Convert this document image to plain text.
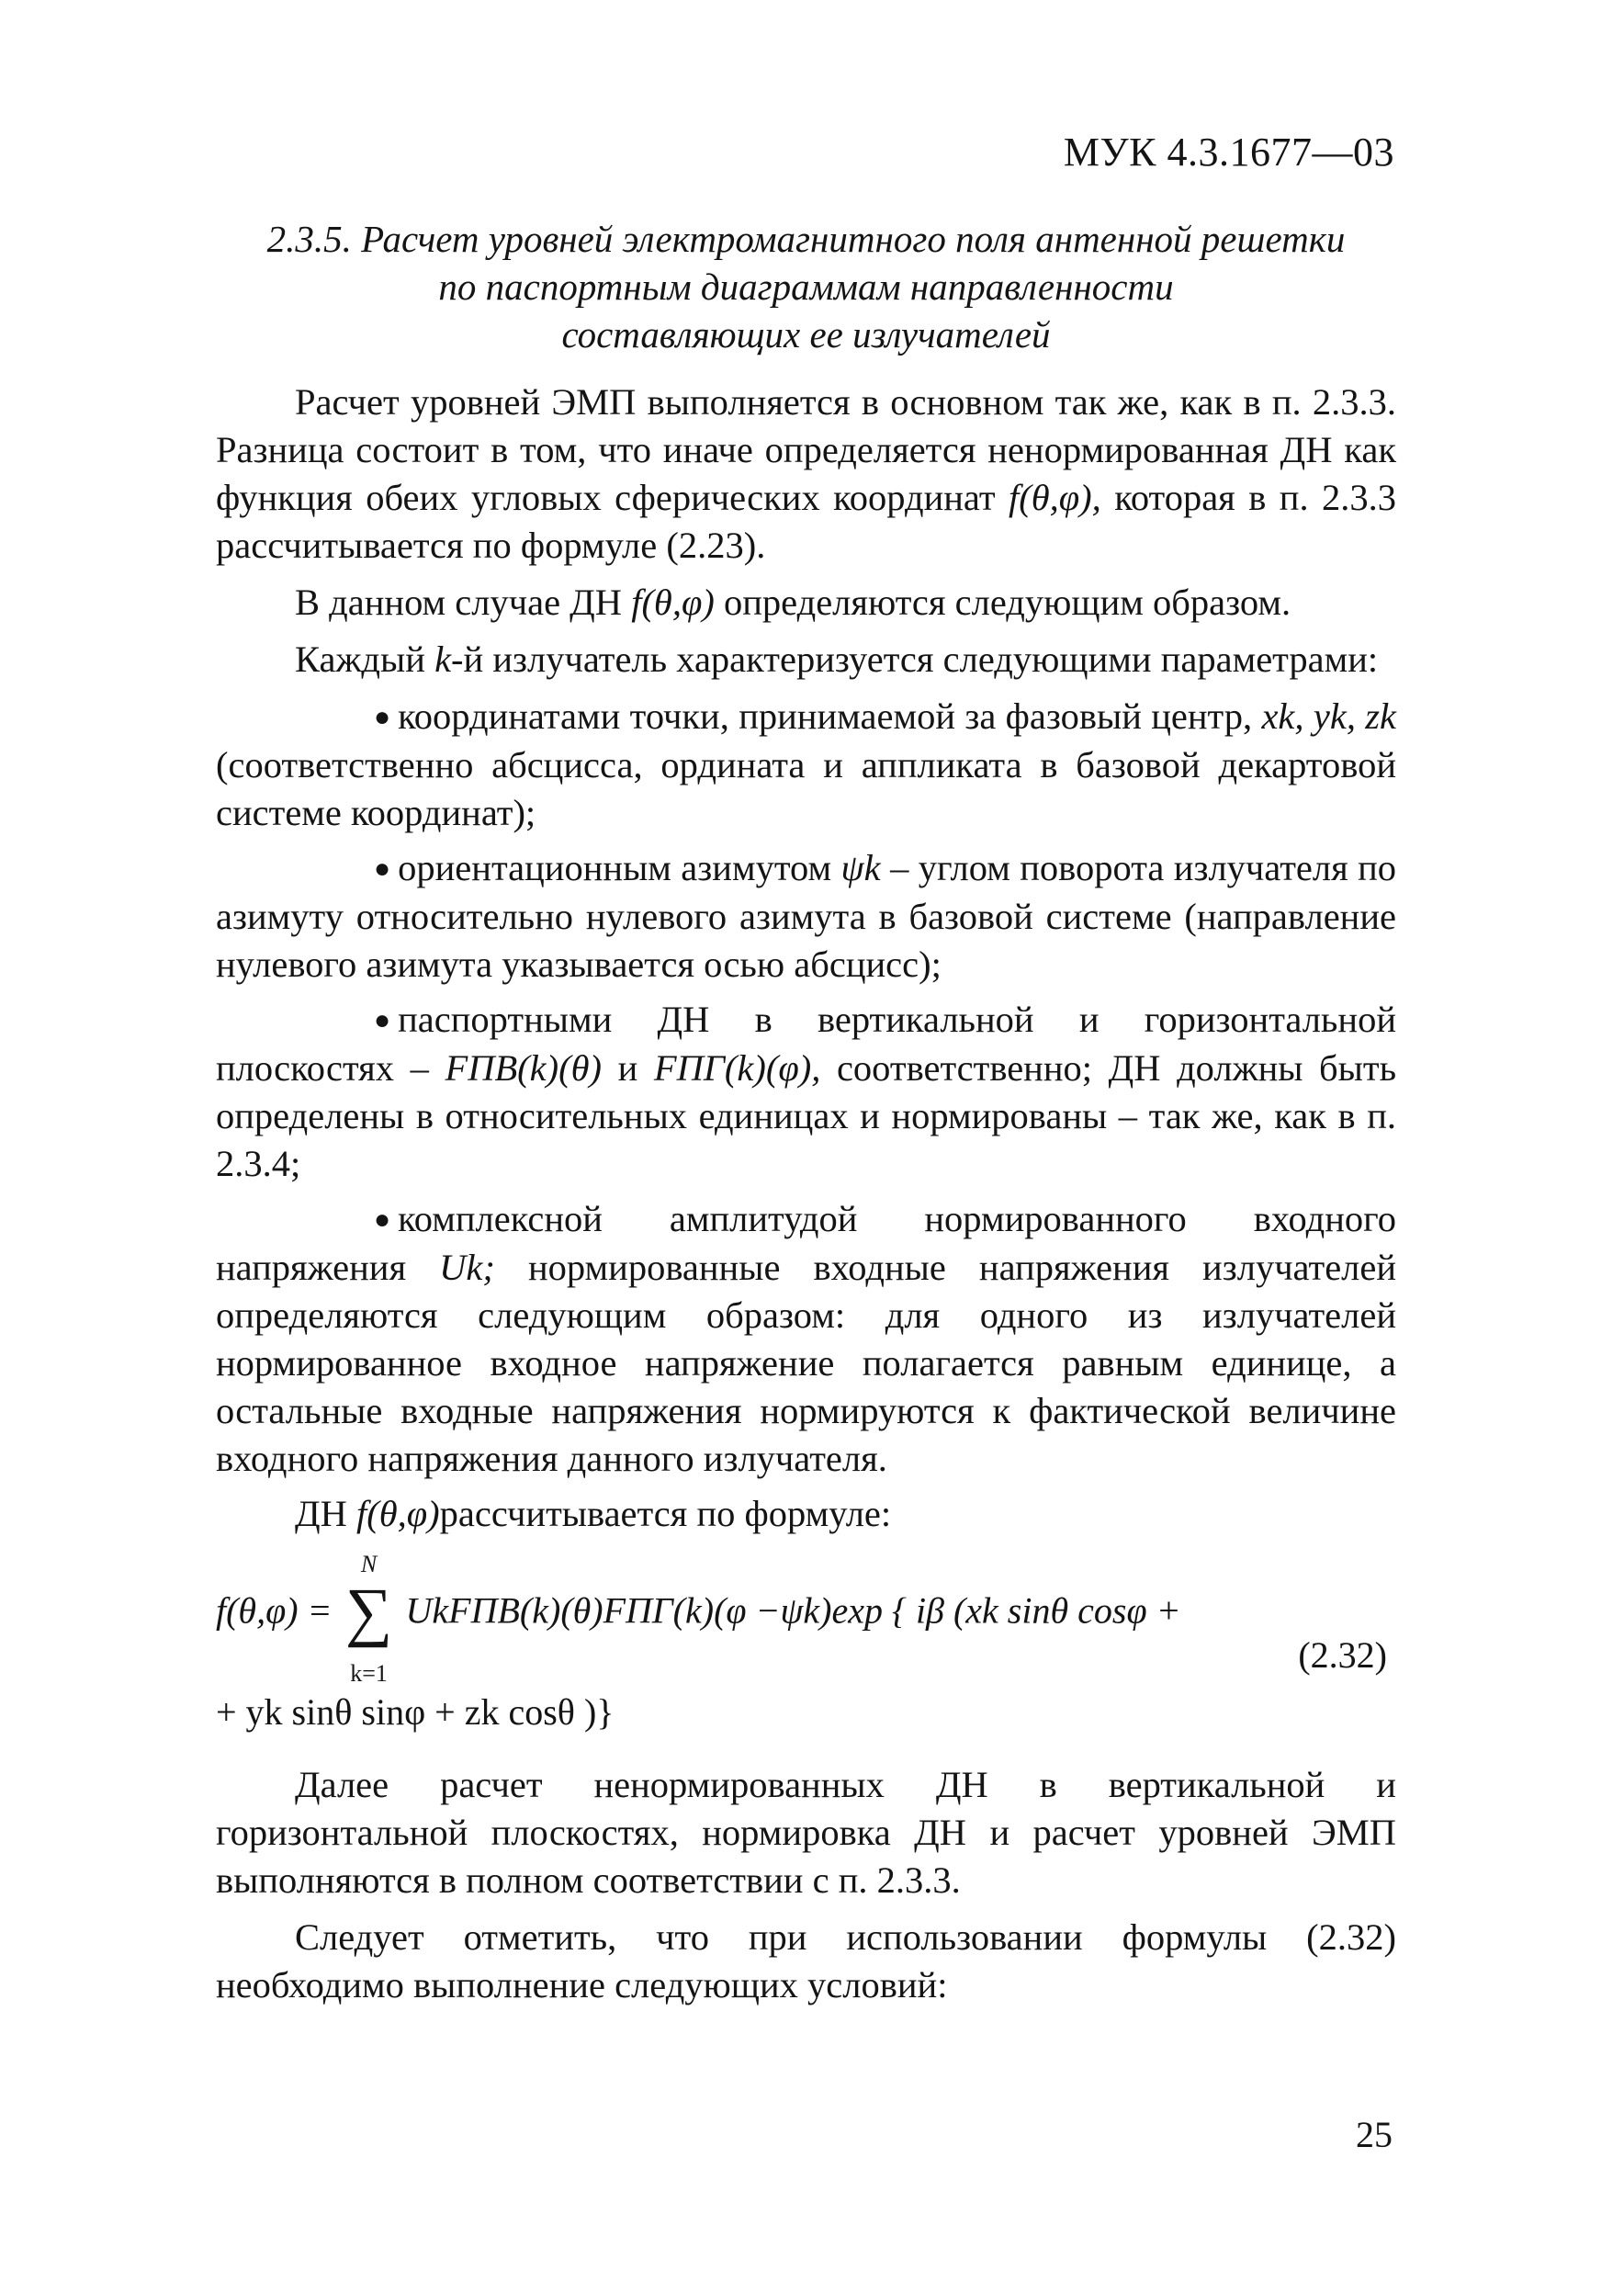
МУК 4.3.1677—03
2.3.5. Расчет уровней электромагнитного поля антенной решетки
по паспортным диаграммам направленности
составляющих ее излучателей

Расчет уровней ЭМП выполняется в основном так же, как в п. 2.3.3. Разница состоит в том, что иначе определяется ненормированная ДН как функция обеих угловых сферических координат f(θ,φ), которая в п. 2.3.3 рассчитывается по формуле (2.23).

В данном случае ДН f(θ,φ) определяются следующим образом.

Каждый k-й излучатель характеризуется следующими параметрами:

● координатами точки, принимаемой за фазовый центр, xk, yk, zk (соответственно абсцисса, ордината и аппликата в базовой декартовой системе координат);
● ориентационным азимутом ψk – углом поворота излучателя по азимуту относительно нулевого азимута в базовой системе (направление нулевого азимута указывается осью абсцисс);
● паспортными ДН в вертикальной и горизонтальной плоскостях – FПВ(k)(θ) и FПГ(k)(φ), соответственно; ДН должны быть определены в относительных единицах и нормированы – так же, как в п. 2.3.4;
● комплексной амплитудой нормированного входного напряжения Uk; нормированные входные напряжения излучателей определяются следующим образом: для одного из излучателей нормированное входное напряжение полагается равным единице, а остальные входные напряжения нормируются к фактической величине входного напряжения данного излучателя.

ДН f(θ,φ)рассчитывается по формуле:

f(θ,φ) =
N
∑
k=1
UkFПВ(k)(θ)FПГ(k)(φ −ψk)exp { iβ (xk sinθ cosφ +
(2.32)
+ yk sinθ sinφ + zk cosθ )}

Далее расчет ненормированных ДН в вертикальной и горизонтальной плоскостях, нормировка ДН и расчет уровней ЭМП выполняются в полном соответствии с п. 2.3.3.

Следует отметить, что при использовании формулы (2.32) необходимо выполнение следующих условий:

25
